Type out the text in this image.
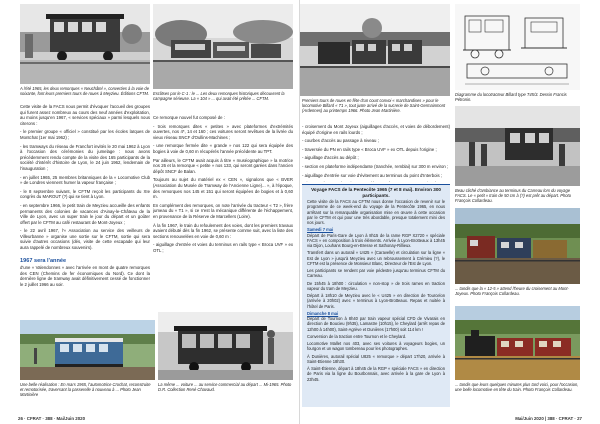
A l'été 1965, les deux remorques « Neuchâtel », converties à la voie de soixante, font leurs premiers tours de roues à Meyzieu. Éditions CFTM. Esclitses par le C-1 : le ... Les deux remorques historiques découvrent la campagne sérieuse. La « 104 » ... qui avait été prêtée ... CFTM.

Cette visite de la FACS nous permit d'évoquer l'accueil des groupes qui furent assez nombreux au cours des neuf années d'exploitation, au moins jusqu'en 1967, « services spéciaux » parmi lesquels nous citerons :

- le premier groupe « officiel » constitué par les écoles laïques de Montchat (1er mai 1962) ;

- les tramways du réseau de Francfort invités le 20 mai 1962 à Lyon à l'occasion des cérémonies du jumelage : nous avons précédemment rendu compte de la visite des 165 participants de la société d'intérêt d'histoire de Lyon, le 24 juin 1962, lendemain de l'inauguration ;

- en juillet 1965, 25 membres britanniques de la « Locomotive Club » de Londres viennent humer la vapeur française ;

- le 8 septembre suivant, le CFTM reçoit les participants du XIe congrès du MAROUT (?) qui se tient à Lyon.

- en septembre 1966, le petit train de Meyzieu accueille des enfants permanents des colonies de vacances d'Ainay-le-Château de la Ville de Lyon, avec un super train le jour du départ et un goûter offert par le CFTM au café restaurant de Mont-Joyeux ;

- le 22 avril 1967, l'« Association au service des veilleurs de Villeurbanne » organise une sortie sur le CFTM, sortie qui sera suivie d'autres occasions (dés, visite de cette escapade qui leur aura rappelé de nombreux souvenirs).

1967 sera l'année
d'une « Valendonnes » avec l'arrivée en mont de quatre remorques des CEN (Chemins de fer économiques du Nord). Ce dont la dernière ligne de tramway avait définitivement cessé de fonctionner le 2 juillet 1966 au soir.

Ce remorque nouvel fut composé de :

- trois remorques dites « petites » avec plateformes d'extrémités ouvertes, nos 4*, 14 et 160 ; ces voitures seront revêtues de la livrée du vieux réseau SNCF d'Oullins-Machines ;

- une remorque fermée dite « grande » nos 122 qui sera équipée des bogies à voie de 0,60 m récupérés l'année précédente au TPT.

Par ailleurs, le CFTM avait acquis à titre « muséographique » la motrice nos 26 et la remorque « petite » nos 133, qui seront garées dans l'ancien dépôt SNCF de Balan.

Toujours au sujet du matériel ex « CEN », signalons que « BVER (Association du Musée de Tramway de l'Ancienne Ligne)... », à l'époque, des remorques nos 145 et 151 qui seront équipées de bogies et à 0,60 m.

En complément des remorques, on note l'arrivée du tracteur « T2 », frère jumeau du « T1 », si ce n'est la mécanique différente de l'échappement, en provenance de la Réserve de Marcellers (Loire).

À la fin 1967, le train du refoulement des voies, dont les premiers travaux avaient débuté dès la fin 1962, se présente comme suit, avec la liste des sections renouvelées en voie de 0,60 m :

- aiguillage d'entrée et voies du terminus en rails type « Broca UVF » ex OTL ;

Une belle réalisation : En mars 1965, l'automotrice Crochat, reconstruite et remotorisée, traversant la passerelle à nouveau à ... Photo Jean Martinière
La même ... voiture ... au service commercial au départ ... Mi-1965. Photo D.R. Collection René Chavaud.
26 · CFRAT · 388 · Mai/Juin 2020
Premiers tours de roues en fête d'un court convoi « marchandises » pour le locomotive Billard « T1 », tout juste arrivé de la sucrerie de Saint-Germainmont (Ardennes) au printemps 1966. Photo Jean Martinière.
Diagramme du locotracteur Billard type T45/3. Dessin Francis Pétronin.
Beau cliché d'ambiance au terminus du Carreau lors du voyage FACS. Le « petit » train de 50 cm à (?) est prêt au départ. Photo François Collardeau.

- croisement du Mont Joyeux (aiguillages d'accès, et voies de débordement) équipé d'origine en rails lourds ;

- courbes d'accès au passage à niveau ;

- traversée du PN en rails type « Broca UVF » ex OTL depuis l'origine ;

- aiguillage d'accès au dépôt ;

- section en plateforme indépendante (tranchée, remblai) sur 300 m environ ;

- aiguillage d'entrée sur voie d'évitement au terminus du point d'Interbois ;

Voyage FACS de la Pentecôte 1965 (7 et 8 mai). Environ 300 participants.

Cette visite de la FACS au CFTM nous donne l'occasion de revenir sur le programme de ce week-end du voyage de la Pentecôte 1965, en nous arrêtant sur la remarquable organisation mise en œuvre à cette occasion par le CFTM et qui pour une très abordable, presque totalement mini des nos jours.

Samedi 7 mai

Départ de Paris-Gare de Lyon à 8h15 de la rame RGP X2720 « spéciale FACS » en composition à trois éléments. Arrivée à Lyon-Brotteaux à 13h45 via Dijon, Louhans Bourg-en-Bresse et Sathonay-Rillieux.

Transfert dans un autorail « U425 » (Caravelle) et circulation sur la ligne « Est de Lyon » jusqu'à Meyzieu avec un rebroussement à Crémieu (?), le CFTM est la présence de Monsieur Blanc, Directeur de l'Est de Lyon.

Les participants se rendent par voie pédestre jusqu'au terminus CFTM du Carreau.

De 15h45 à 18h00 : circulation « non-stop » de trois rames en traction vapeur du tram de Meyzieu.

Départ à 18h10 de Meyzieu avec le « U425 » en direction de Tourcelon (arrivée à 20h02) avec « terminus à Lyon-Brotteaux. Repas et nuitée à l'hôtel de Paris.

Dimanche 8 mai

Départ de Tournon à 8h40 par train vapeur spécial CFD de Vivarais en direction de Boucieu (9h35), Lamastre (10h15), le Cheylard (arrêt repas de 12h00 à 14h00), Saint-Agrève et Dunières (17h00) soit 114 km !

Conversion de la traction entre Tournon et le Cheylard.

Locomotive Mallet nos 403, avec ses voitures à voyageurs bogies, un fourgon et un wagon tombereau pour les photographes.

À Dunières, autorail spécial U825 « remorque » départ 17h20, arrivée à Saint-Etienne 18h30.

À Saint-Étienne, départ à 18h45 de la RGP « spéciale FACS » en direction de Paris via la ligne du Bourbonnais, avec arrivée à la gare de Lyon à 23h45.

... tandis que la « 12-5 » attend l'heure du croisement au Mont-Joyeux. Photo François Collardeau.
... tandis que leurs quelques minutes plus tard voici, pour l'occasion, une belle locomotive en tête du train. Photo François Collardeau.
Mai/Juin 2020 | 388 · CFRAT · 27
